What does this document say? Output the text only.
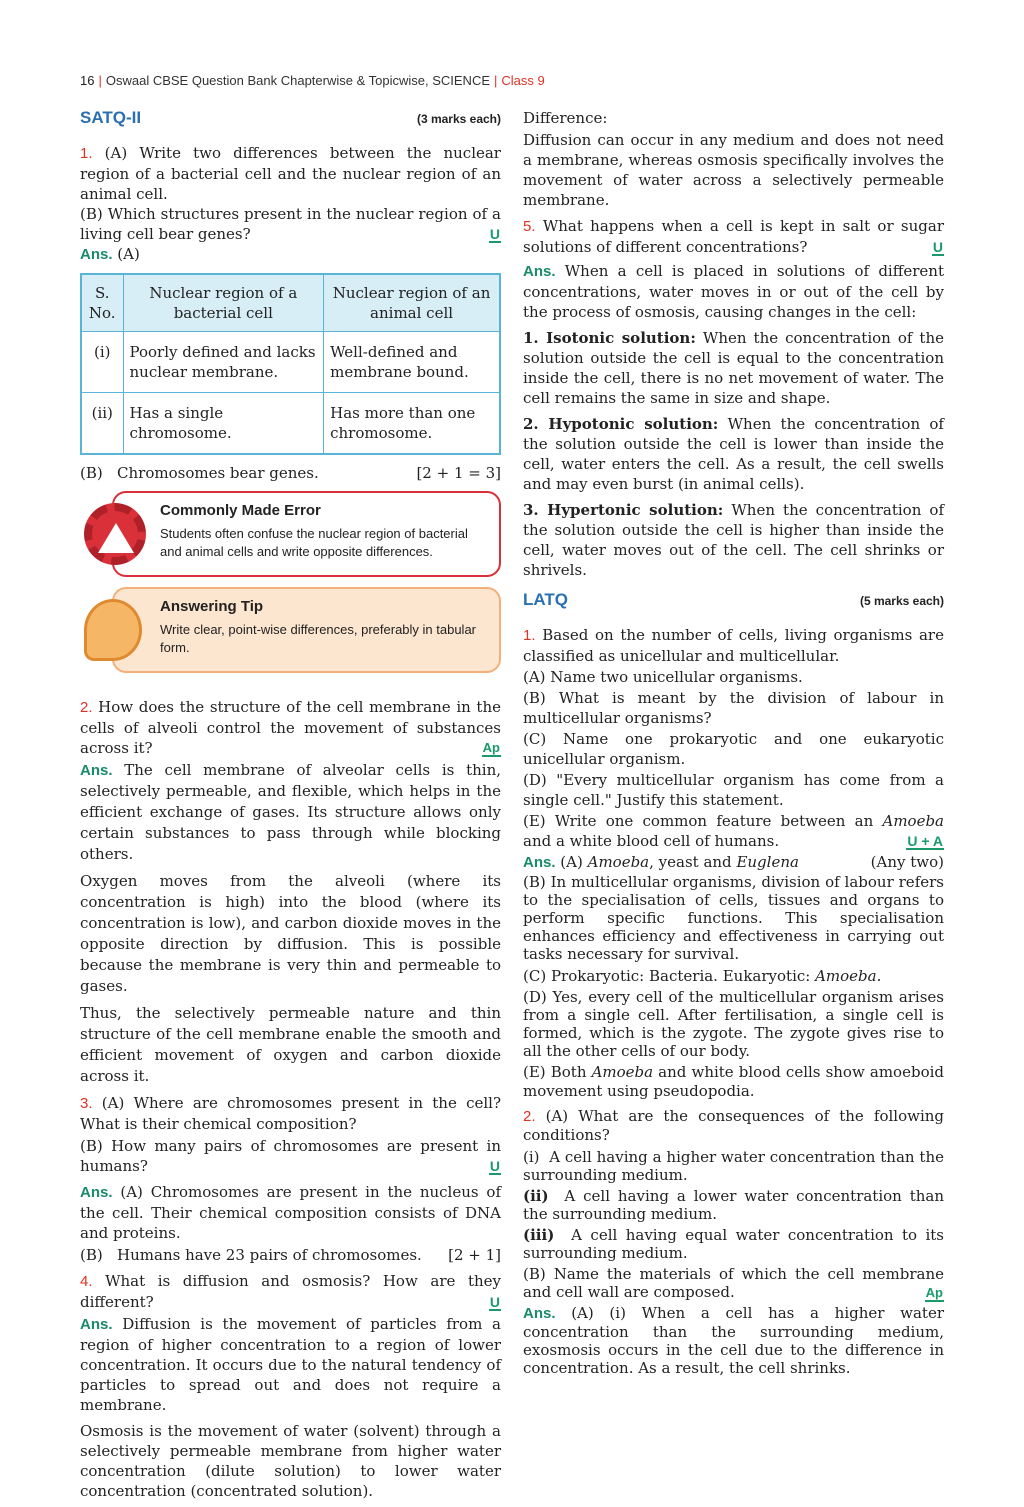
16 | Oswaal CBSE Question Bank Chapterwise & Topicwise, SCIENCE | Class 9
SATQ-II	(3 marks each)
1. (A) Write two differences between the nuclear region of a bacterial cell and the nuclear region of an animal cell.
(B) Which structures present in the nuclear region of a living cell bear genes?	U
Ans. (A)
S. No.	Nuclear region of a bacterial cell	Nuclear region of an animal cell
(i)	Poorly defined and lacks nuclear membrane.	Well-defined and membrane bound.
(ii)	Has a single chromosome.	Has more than one chromosome.
(B) Chromosomes bear genes.	[2 + 1 = 3]
Commonly Made Error
Students often confuse the nuclear region of bacterial and animal cells and write opposite differences.
Answering Tip
Write clear, point-wise differences, preferably in tabular form.
2. How does the structure of the cell membrane in the cells of alveoli control the movement of substances across it?	Ap

Ans. The cell membrane of alveolar cells is thin, selectively permeable, and flexible, which helps in the efficient exchange of gases. Its structure allows only certain substances to pass through while blocking others.

Oxygen moves from the alveoli (where its concentration is high) into the blood (where its concentration is low), and carbon dioxide moves in the opposite direction by diffusion. This is possible because the membrane is very thin and permeable to gases.

Thus, the selectively permeable nature and thin structure of the cell membrane enable the smooth and efficient movement of oxygen and carbon dioxide across it.

3. (A) Where are chromosomes present in the cell? What is their chemical composition?
(B) How many pairs of chromosomes are present in humans?	U

Ans. (A) Chromosomes are present in the nucleus of the cell. Their chemical composition consists of DNA and proteins.

(B) Humans have 23 pairs of chromosomes. [2 + 1]
4. What is diffusion and osmosis? How are they different?	U

Ans. Diffusion is the movement of particles from a region of higher concentration to a region of lower concentration. It occurs due to the natural tendency of particles to spread out and does not require a membrane.

Osmosis is the movement of water (solvent) through a selectively permeable membrane from higher water concentration (dilute solution) to lower water concentration (concentrated solution).

Difference:

Diffusion can occur in any medium and does not need a membrane, whereas osmosis specifically involves the movement of water across a selectively permeable membrane.

5. What happens when a cell is kept in salt or sugar solutions of different concentrations?	U

Ans. When a cell is placed in solutions of different concentrations, water moves in or out of the cell by the process of osmosis, causing changes in the cell:

1. Isotonic solution: When the concentration of the solution outside the cell is equal to the concentration inside the cell, there is no net movement of water. The cell remains the same in size and shape.

2. Hypotonic solution: When the concentration of the solution outside the cell is lower than inside the cell, water enters the cell. As a result, the cell swells and may even burst (in animal cells).

3. Hypertonic solution: When the concentration of the solution outside the cell is higher than inside the cell, water moves out of the cell. The cell shrinks or shrivels.

LATQ	(5 marks each)
1. Based on the number of cells, living organisms are classified as unicellular and multicellular.
(A) Name two unicellular organisms.
(B) What is meant by the division of labour in multicellular organisms?
(C) Name one prokaryotic and one eukaryotic unicellular organism.
(D) "Every multicellular organism has come from a single cell." Justify this statement.
(E) Write one common feature between an Amoeba and a white blood cell of humans.	U + A
Ans. (A) Amoeba, yeast and Euglena	(Any two)

(B) In multicellular organisms, division of labour refers to the specialisation of cells, tissues and organs to perform specific functions. This specialisation enhances efficiency and effectiveness in carrying out tasks necessary for survival.

(C) Prokaryotic: Bacteria. Eukaryotic: Amoeba.

(D) Yes, every cell of the multicellular organism arises from a single cell. After fertilisation, a single cell is formed, which is the zygote. The zygote gives rise to all the other cells of our body.

(E) Both Amoeba and white blood cells show amoeboid movement using pseudopodia.

2. (A) What are the consequences of the following conditions?
(i) A cell having a higher water concentration than the surrounding medium.
(ii) A cell having a lower water concentration than the surrounding medium.
(iii) A cell having equal water concentration to its surrounding medium.
(B) Name the materials of which the cell membrane and cell wall are composed.	Ap

Ans. (A) (i) When a cell has a higher water concentration than the surrounding medium, exosmosis occurs in the cell due to the difference in concentration. As a result, the cell shrinks.
